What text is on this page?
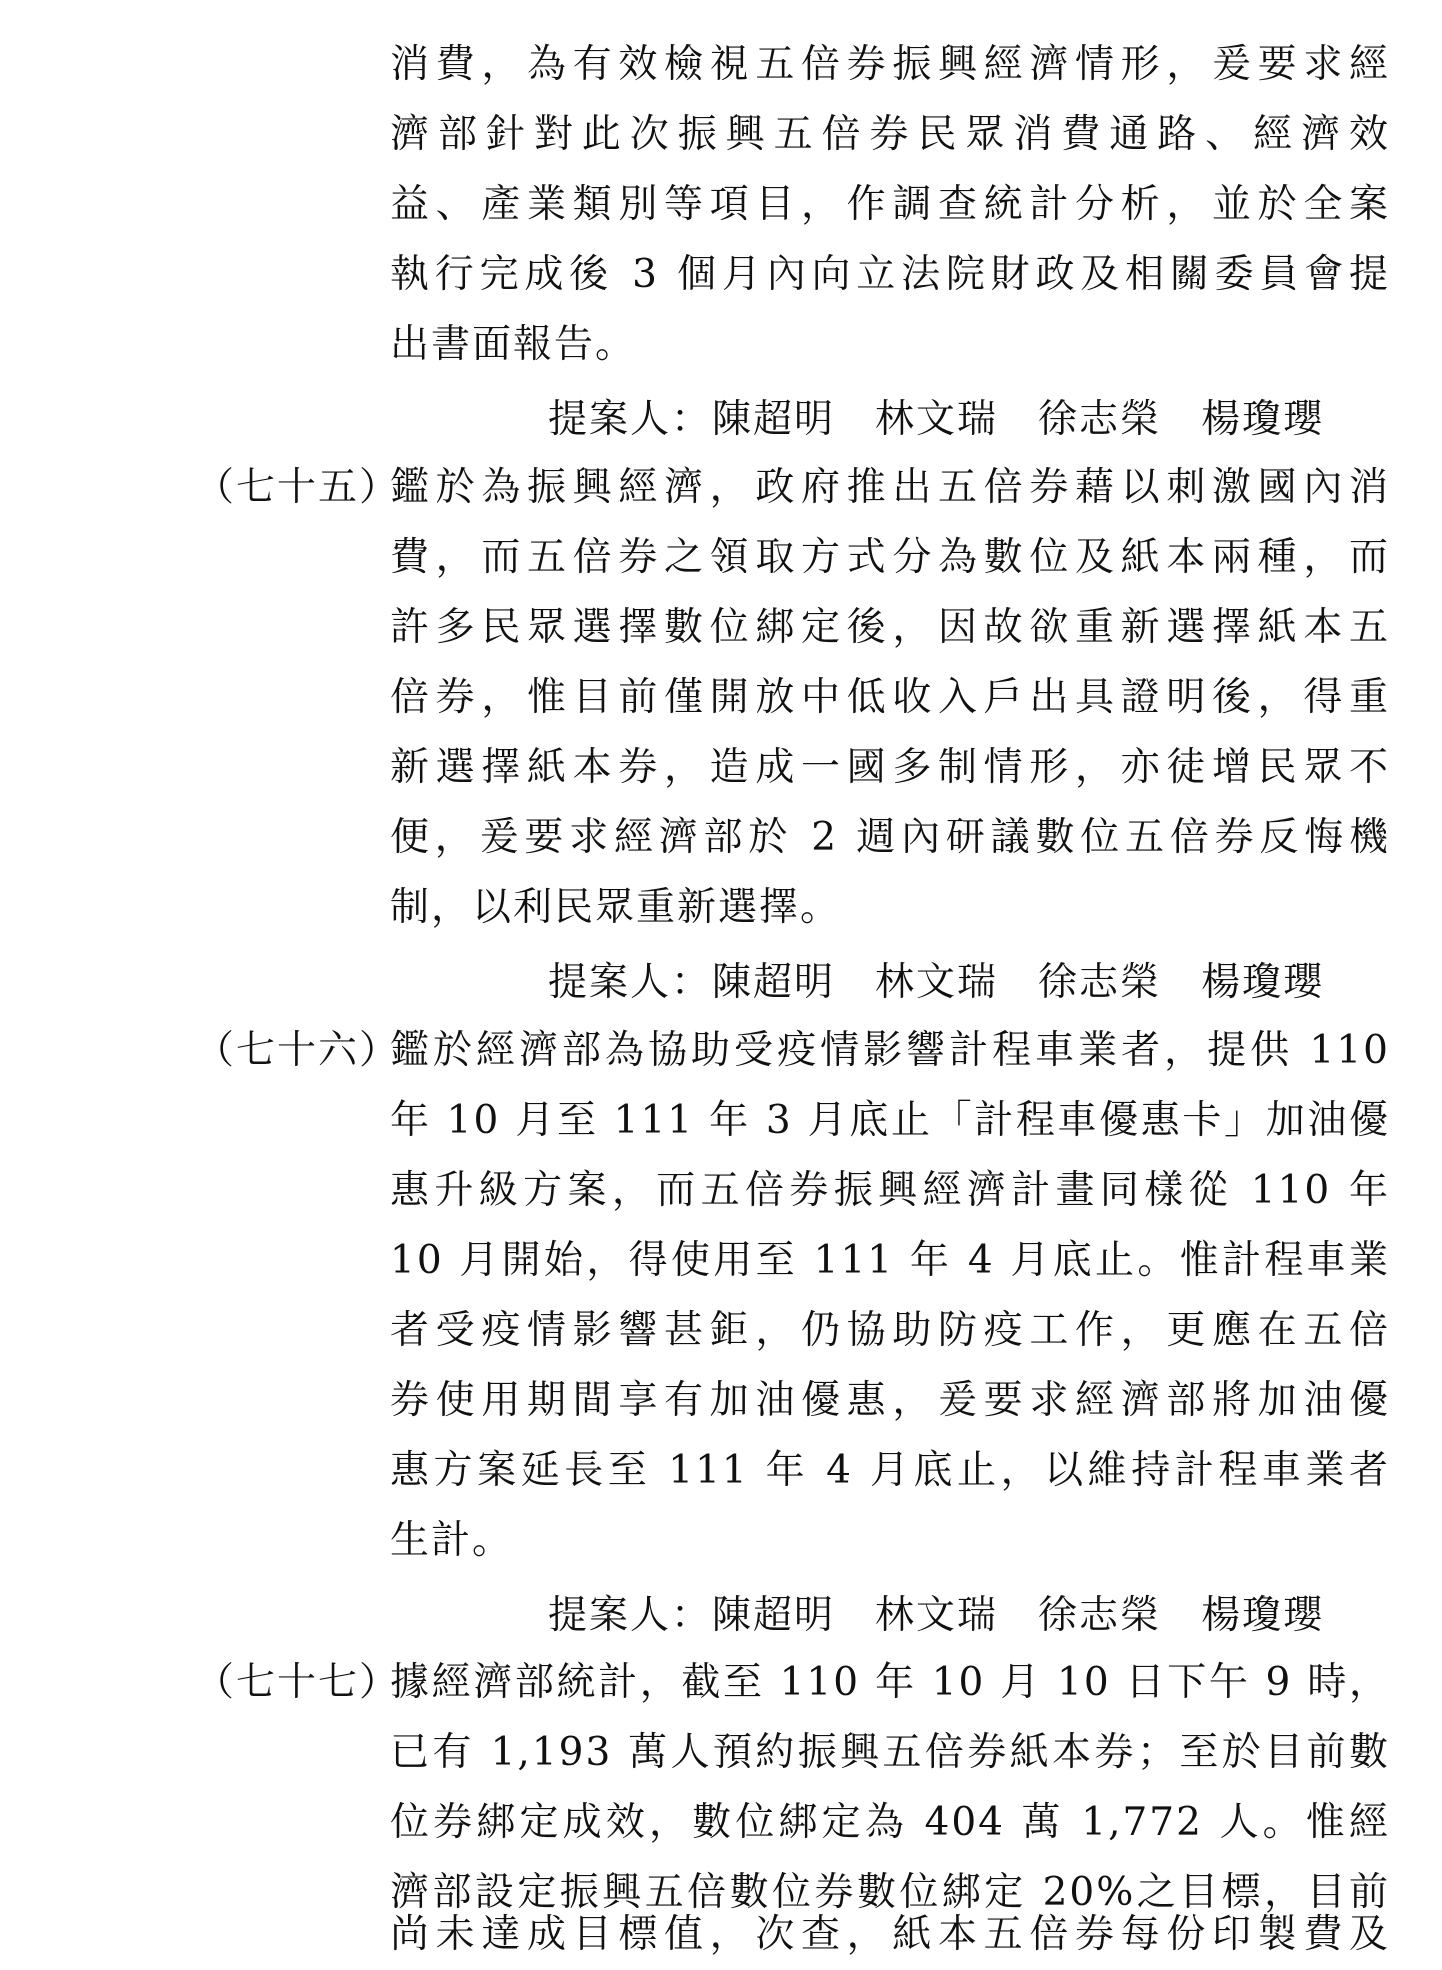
消費，為有效檢視五倍券振興經濟情形，爰要求經
濟部針對此次振興五倍券民眾消費通路、經濟效
益、產業類別等項目，作調查統計分析，並於全案
執行完成後 3 個月內向立法院財政及相關委員會提
出書面報告。
提案人：陳超明 林文瑞 徐志榮 楊瓊瓔
（七十五）
鑑於為振興經濟，政府推出五倍券藉以刺激國內消
費，而五倍券之領取方式分為數位及紙本兩種，而
許多民眾選擇數位綁定後，因故欲重新選擇紙本五
倍券，惟目前僅開放中低收入戶出具證明後，得重
新選擇紙本券，造成一國多制情形，亦徒增民眾不
便，爰要求經濟部於 2 週內研議數位五倍券反悔機
制，以利民眾重新選擇。
提案人：陳超明 林文瑞 徐志榮 楊瓊瓔
（七十六）
鑑於經濟部為協助受疫情影響計程車業者，提供 110
年 10 月至 111 年 3 月底止「計程車優惠卡」加油優
惠升級方案，而五倍券振興經濟計畫同樣從 110 年
10 月開始，得使用至 111 年 4 月底止。惟計程車業
者受疫情影響甚鉅，仍協助防疫工作，更應在五倍
券使用期間享有加油優惠，爰要求經濟部將加油優
惠方案延長至 111 年 4 月底止，以維持計程車業者
生計。
提案人：陳超明 林文瑞 徐志榮 楊瓊瓔
（七十七）
據經濟部統計，截至 110 年 10 月 10 日下午 9 時，
已有 1,193 萬人預約振興五倍券紙本券；至於目前數
位券綁定成效，數位綁定為 404 萬 1,772 人。惟經
濟部設定振興五倍數位券數位綁定 20%之目標，目前
尚未達成目標值，次查，紙本五倍券每份印製費及
